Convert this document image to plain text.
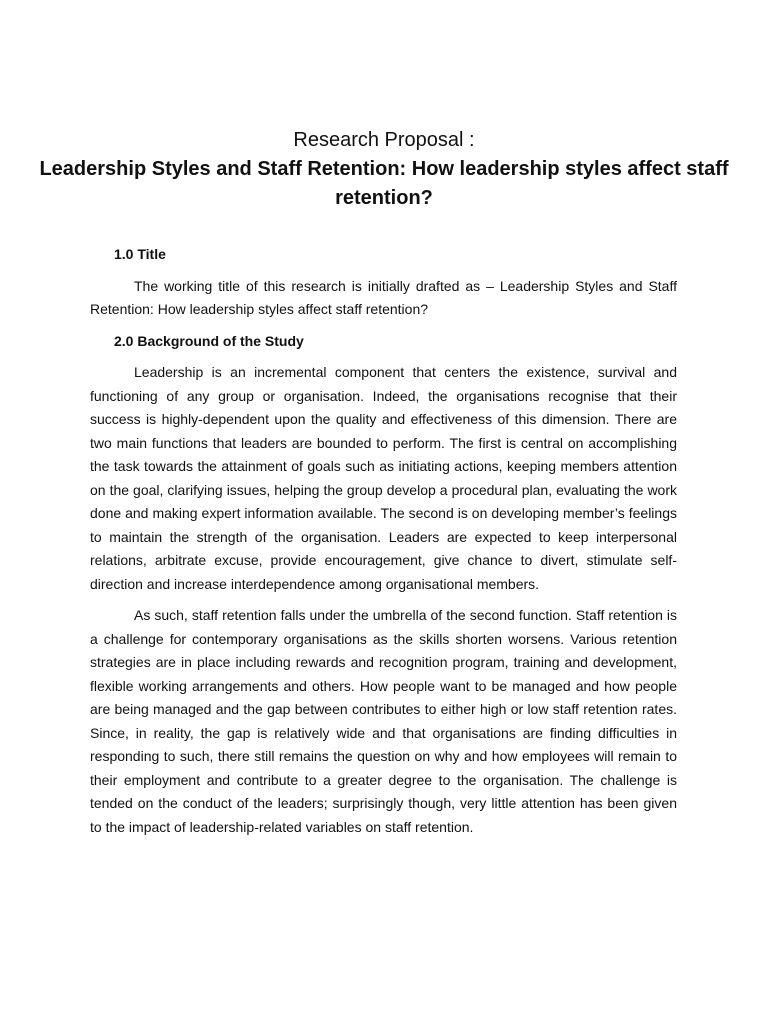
Research Proposal :
Leadership Styles and Staff Retention: How leadership styles affect staff retention?
1.0 Title

The working title of this research is initially drafted as – Leadership Styles and Staff Retention: How leadership styles affect staff retention?

2.0 Background of the Study

Leadership is an incremental component that centers the existence, survival and functioning of any group or organisation. Indeed, the organisations recognise that their success is highly-dependent upon the quality and effectiveness of this dimension. There are two main functions that leaders are bounded to perform. The first is central on accomplishing the task towards the attainment of goals such as initiating actions, keeping members attention on the goal, clarifying issues, helping the group develop a procedural plan, evaluating the work done and making expert information available. The second is on developing member’s feelings to maintain the strength of the organisation. Leaders are expected to keep interpersonal relations, arbitrate excuse, provide encouragement, give chance to divert, stimulate self-direction and increase interdependence among organisational members.

As such, staff retention falls under the umbrella of the second function. Staff retention is a challenge for contemporary organisations as the skills shorten worsens. Various retention strategies are in place including rewards and recognition program, training and development, flexible working arrangements and others. How people want to be managed and how people are being managed and the gap between contributes to either high or low staff retention rates. Since, in reality, the gap is relatively wide and that organisations are finding difficulties in responding to such, there still remains the question on why and how employees will remain to their employment and contribute to a greater degree to the organisation. The challenge is tended on the conduct of the leaders; surprisingly though, very little attention has been given to the impact of leadership-related variables on staff retention.
